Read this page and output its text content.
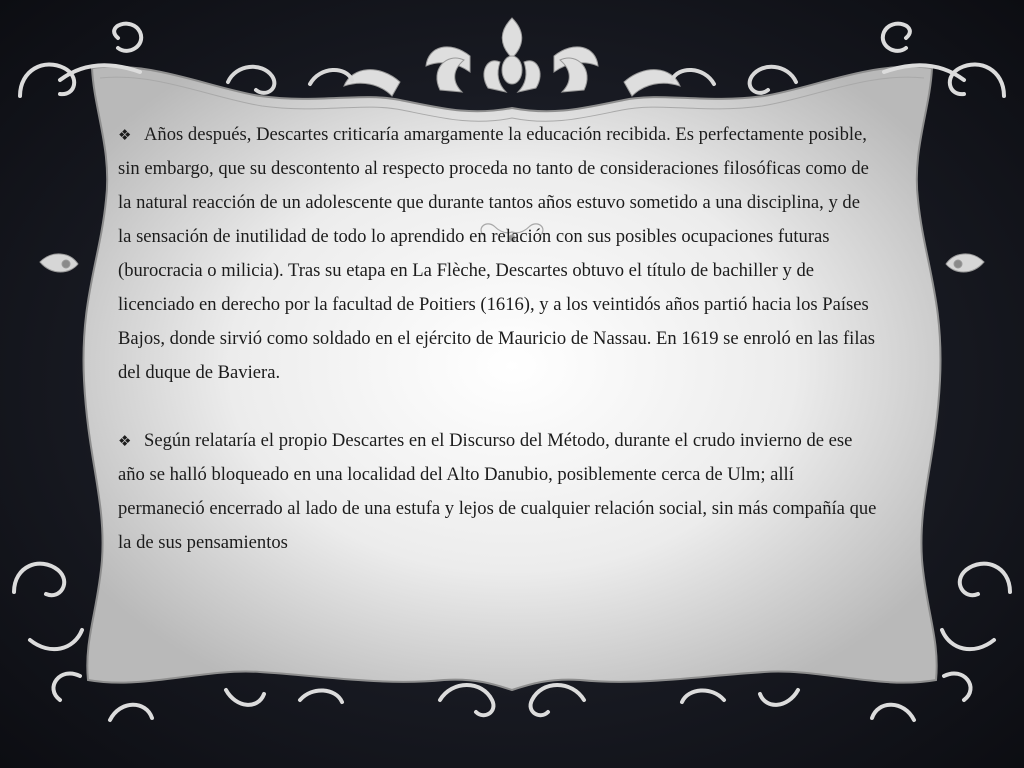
❖ Años después, Descartes criticaría amargamente la educación recibida. Es perfectamente posible, sin embargo, que su descontento al respecto proceda no tanto de consideraciones filosóficas como de la natural reacción de un adolescente que durante tantos años estuvo sometido a una disciplina, y de la sensación de inutilidad de todo lo aprendido en relación con sus posibles ocupaciones futuras (burocracia o milicia). Tras su etapa en La Flèche, Descartes obtuvo el título de bachiller y de licenciado en derecho por la facultad de Poitiers (1616), y a los veintidós años partió hacia los Países Bajos, donde sirvió como soldado en el ejército de Mauricio de Nassau. En 1619 se enroló en las filas del duque de Baviera.

❖ Según relataría el propio Descartes en el Discurso del Método, durante el crudo invierno de ese año se halló bloqueado en una localidad del Alto Danubio, posiblemente cerca de Ulm; allí permaneció encerrado al lado de una estufa y lejos de cualquier relación social, sin más compañía que la de sus pensamientos
